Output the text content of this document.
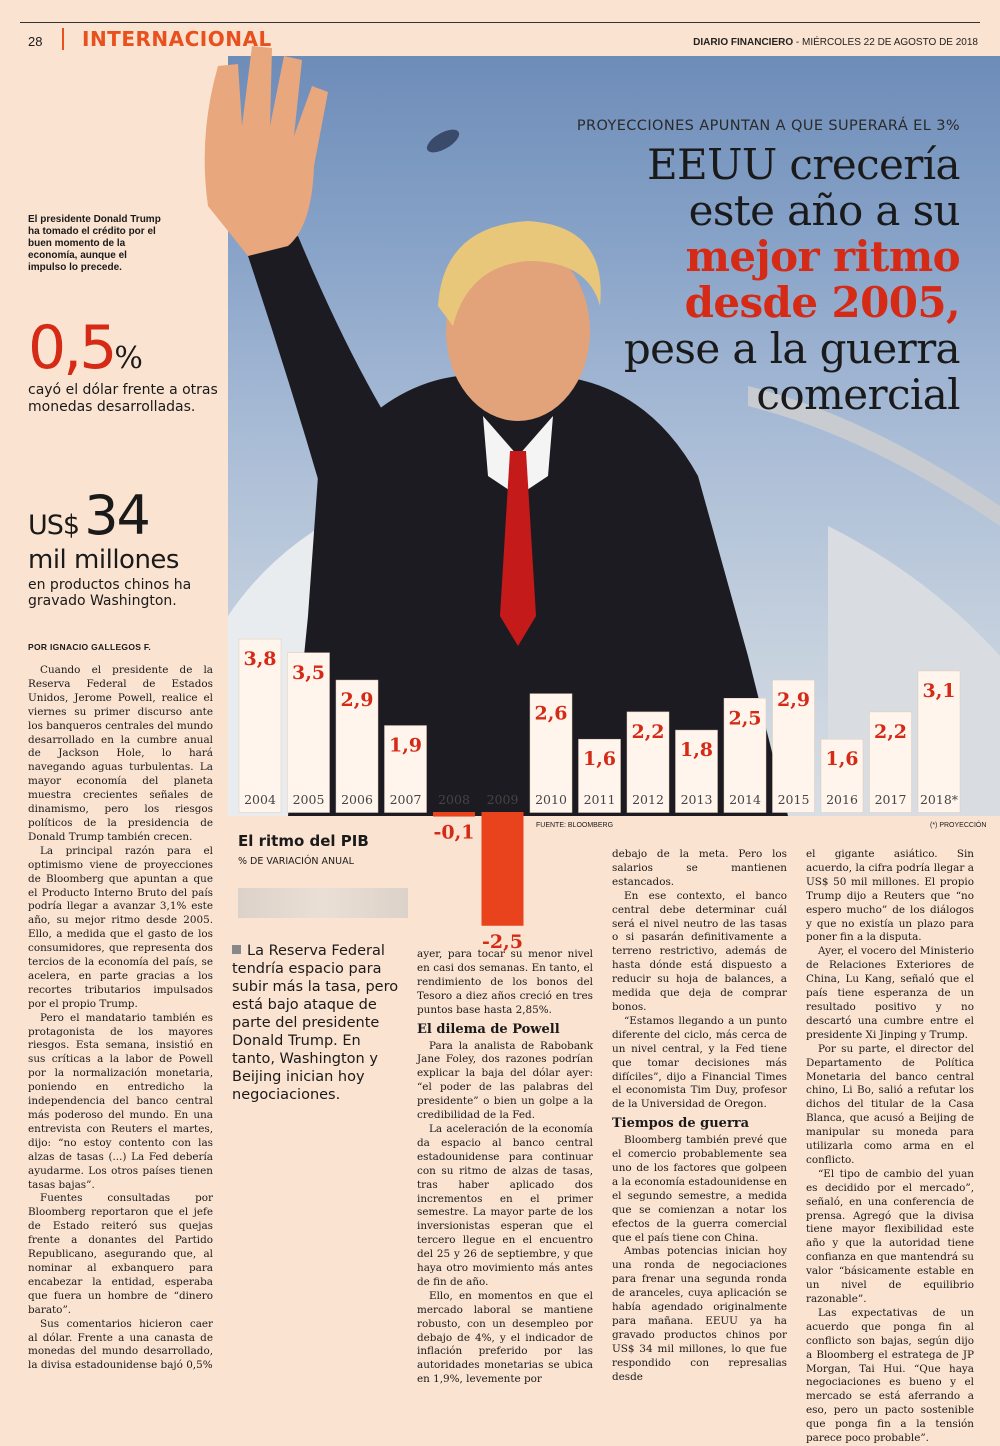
28 INTERNACIONAL	DIARIO FINANCIERO - MIÉRCOLES 22 DE AGOSTO DE 2018
PROYECCIONES APUNTAN A QUE SUPERARÁ EL 3%
EEUU crecería
este año a su
mejor ritmo
desde 2005,
pese a la guerra
comercial
El presidente Donald Trump ha tomado el crédito por el buen momento de la economía, aunque el impulso lo precede.
0,5%
cayó el dólar frente a otras monedas desarrolladas.
US$ 34
mil millones
en productos chinos ha gravado Washington.
POR IGNACIO GALLEGOS F.

Cuando el presidente de la Reserva Federal de Estados Unidos, Jerome Powell, realice el viernes su primer discurso ante los banqueros centrales del mundo desarrollado en la cumbre anual de Jackson Hole, lo hará navegando aguas turbulentas. La mayor economía del planeta muestra crecientes señales de dinamismo, pero los riesgos políticos de la presidencia de Donald Trump también crecen.

La principal razón para el optimismo viene de proyecciones de Bloomberg que apuntan a que el Producto Interno Bruto del país podría llegar a avanzar 3,1% este año, su mejor ritmo desde 2005. Ello, a medida que el gasto de los consumidores, que representa dos tercios de la economía del país, se acelera, en parte gracias a los recortes tributarios impulsados por el propio Trump.

Pero el mandatario también es protagonista de los mayores riesgos. Esta semana, insistió en sus críticas a la labor de Powell por la normalización monetaria, poniendo en entredicho la independencia del banco central más poderoso del mundo. En una entrevista con Reuters el martes, dijo: “no estoy contento con las alzas de tasas (...) La Fed debería ayudarme. Los otros países tienen tasas bajas”.

Fuentes consultadas por Bloomberg reportaron que el jefe de Estado reiteró sus quejas frente a donantes del Partido Republicano, asegurando que, al nominar al exbanquero para encabezar la entidad, esperaba que fuera un hombre de “dinero barato”.

Sus comentarios hicieron caer al dólar. Frente a una canasta de monedas del mundo desarrollado, la divisa estadounidense bajó 0,5%

2004
3,8
2005
3,5
2006
2,9
2007
1,9
2008
-0,1
2009
-2,5
2010
2,6
2011
1,6
2012
2,2
2013
1,8
2014
2,5
2015
2,9
2016
1,6
2017
2,2
2018*
3,1
FUENTE: BLOOMBERG	(*) PROYECCIÓN
El ritmo del PIB
% DE VARIACIÓN ANUAL
La Reserva Federal tendría espacio para subir más la tasa, pero está bajo ataque de parte del presidente Donald Trump. En tanto, Washington y Beijing inician hoy negociaciones.

ayer, para tocar su menor nivel en casi dos semanas. En tanto, el rendimiento de los bonos del Tesoro a diez años creció en tres puntos base hasta 2,85%.

El dilema de Powell

Para la analista de Rabobank Jane Foley, dos razones podrían explicar la baja del dólar ayer: “el poder de las palabras del presidente” o bien un golpe a la credibilidad de la Fed.

La aceleración de la economía da espacio al banco central estadounidense para continuar con su ritmo de alzas de tasas, tras haber aplicado dos incrementos en el primer semestre. La mayor parte de los inversionistas esperan que el tercero llegue en el encuentro del 25 y 26 de septiembre, y que haya otro movimiento más antes de fin de año.

Ello, en momentos en que el mercado laboral se mantiene robusto, con un desempleo por debajo de 4%, y el indicador de inflación preferido por las autoridades monetarias se ubica en 1,9%, levemente por

debajo de la meta. Pero los salarios se mantienen estancados.

En ese contexto, el banco central debe determinar cuál será el nivel neutro de las tasas o si pasarán definitivamente a terreno restrictivo, además de hasta dónde está dispuesto a reducir su hoja de balances, a medida que deja de comprar bonos.

“Estamos llegando a un punto diferente del ciclo, más cerca de un nivel central, y la Fed tiene que tomar decisiones más difíciles”, dijo a Financial Times el economista Tim Duy, profesor de la Universidad de Oregon.

Tiempos de guerra

Bloomberg también prevé que el comercio probablemente sea uno de los factores que golpeen a la economía estadounidense en el segundo semestre, a medida que se comienzan a notar los efectos de la guerra comercial que el país tiene con China.

Ambas potencias inician hoy una ronda de negociaciones para frenar una segunda ronda de aranceles, cuya aplicación se había agendado originalmente para mañana. EEUU ya ha gravado productos chinos por US$ 34 mil millones, lo que fue respondido con represalias desde

el gigante asiático. Sin acuerdo, la cifra podría llegar a US$ 50 mil millones. El propio Trump dijo a Reuters que “no espero mucho” de los diálogos y que no existía un plazo para poner fin a la disputa.

Ayer, el vocero del Ministerio de Relaciones Exteriores de China, Lu Kang, señaló que el país tiene esperanza de un resultado positivo y no descartó una cumbre entre el presidente Xi Jinping y Trump.

Por su parte, el director del Departamento de Política Monetaria del banco central chino, Li Bo, salió a refutar los dichos del titular de la Casa Blanca, que acusó a Beijing de manipular su moneda para utilizarla como arma en el conflicto.

“El tipo de cambio del yuan es decidido por el mercado”, señaló, en una conferencia de prensa. Agregó que la divisa tiene mayor flexibilidad este año y que la autoridad tiene confianza en que mantendrá su valor “básicamente estable en un nivel de equilibrio razonable”.

Las expectativas de un acuerdo que ponga fin al conflicto son bajas, según dijo a Bloomberg el estratega de JP Morgan, Tai Hui. “Que haya negociaciones es bueno y el mercado se está aferrando a eso, pero un pacto sostenible que ponga fin a la tensión parece poco probable”.
